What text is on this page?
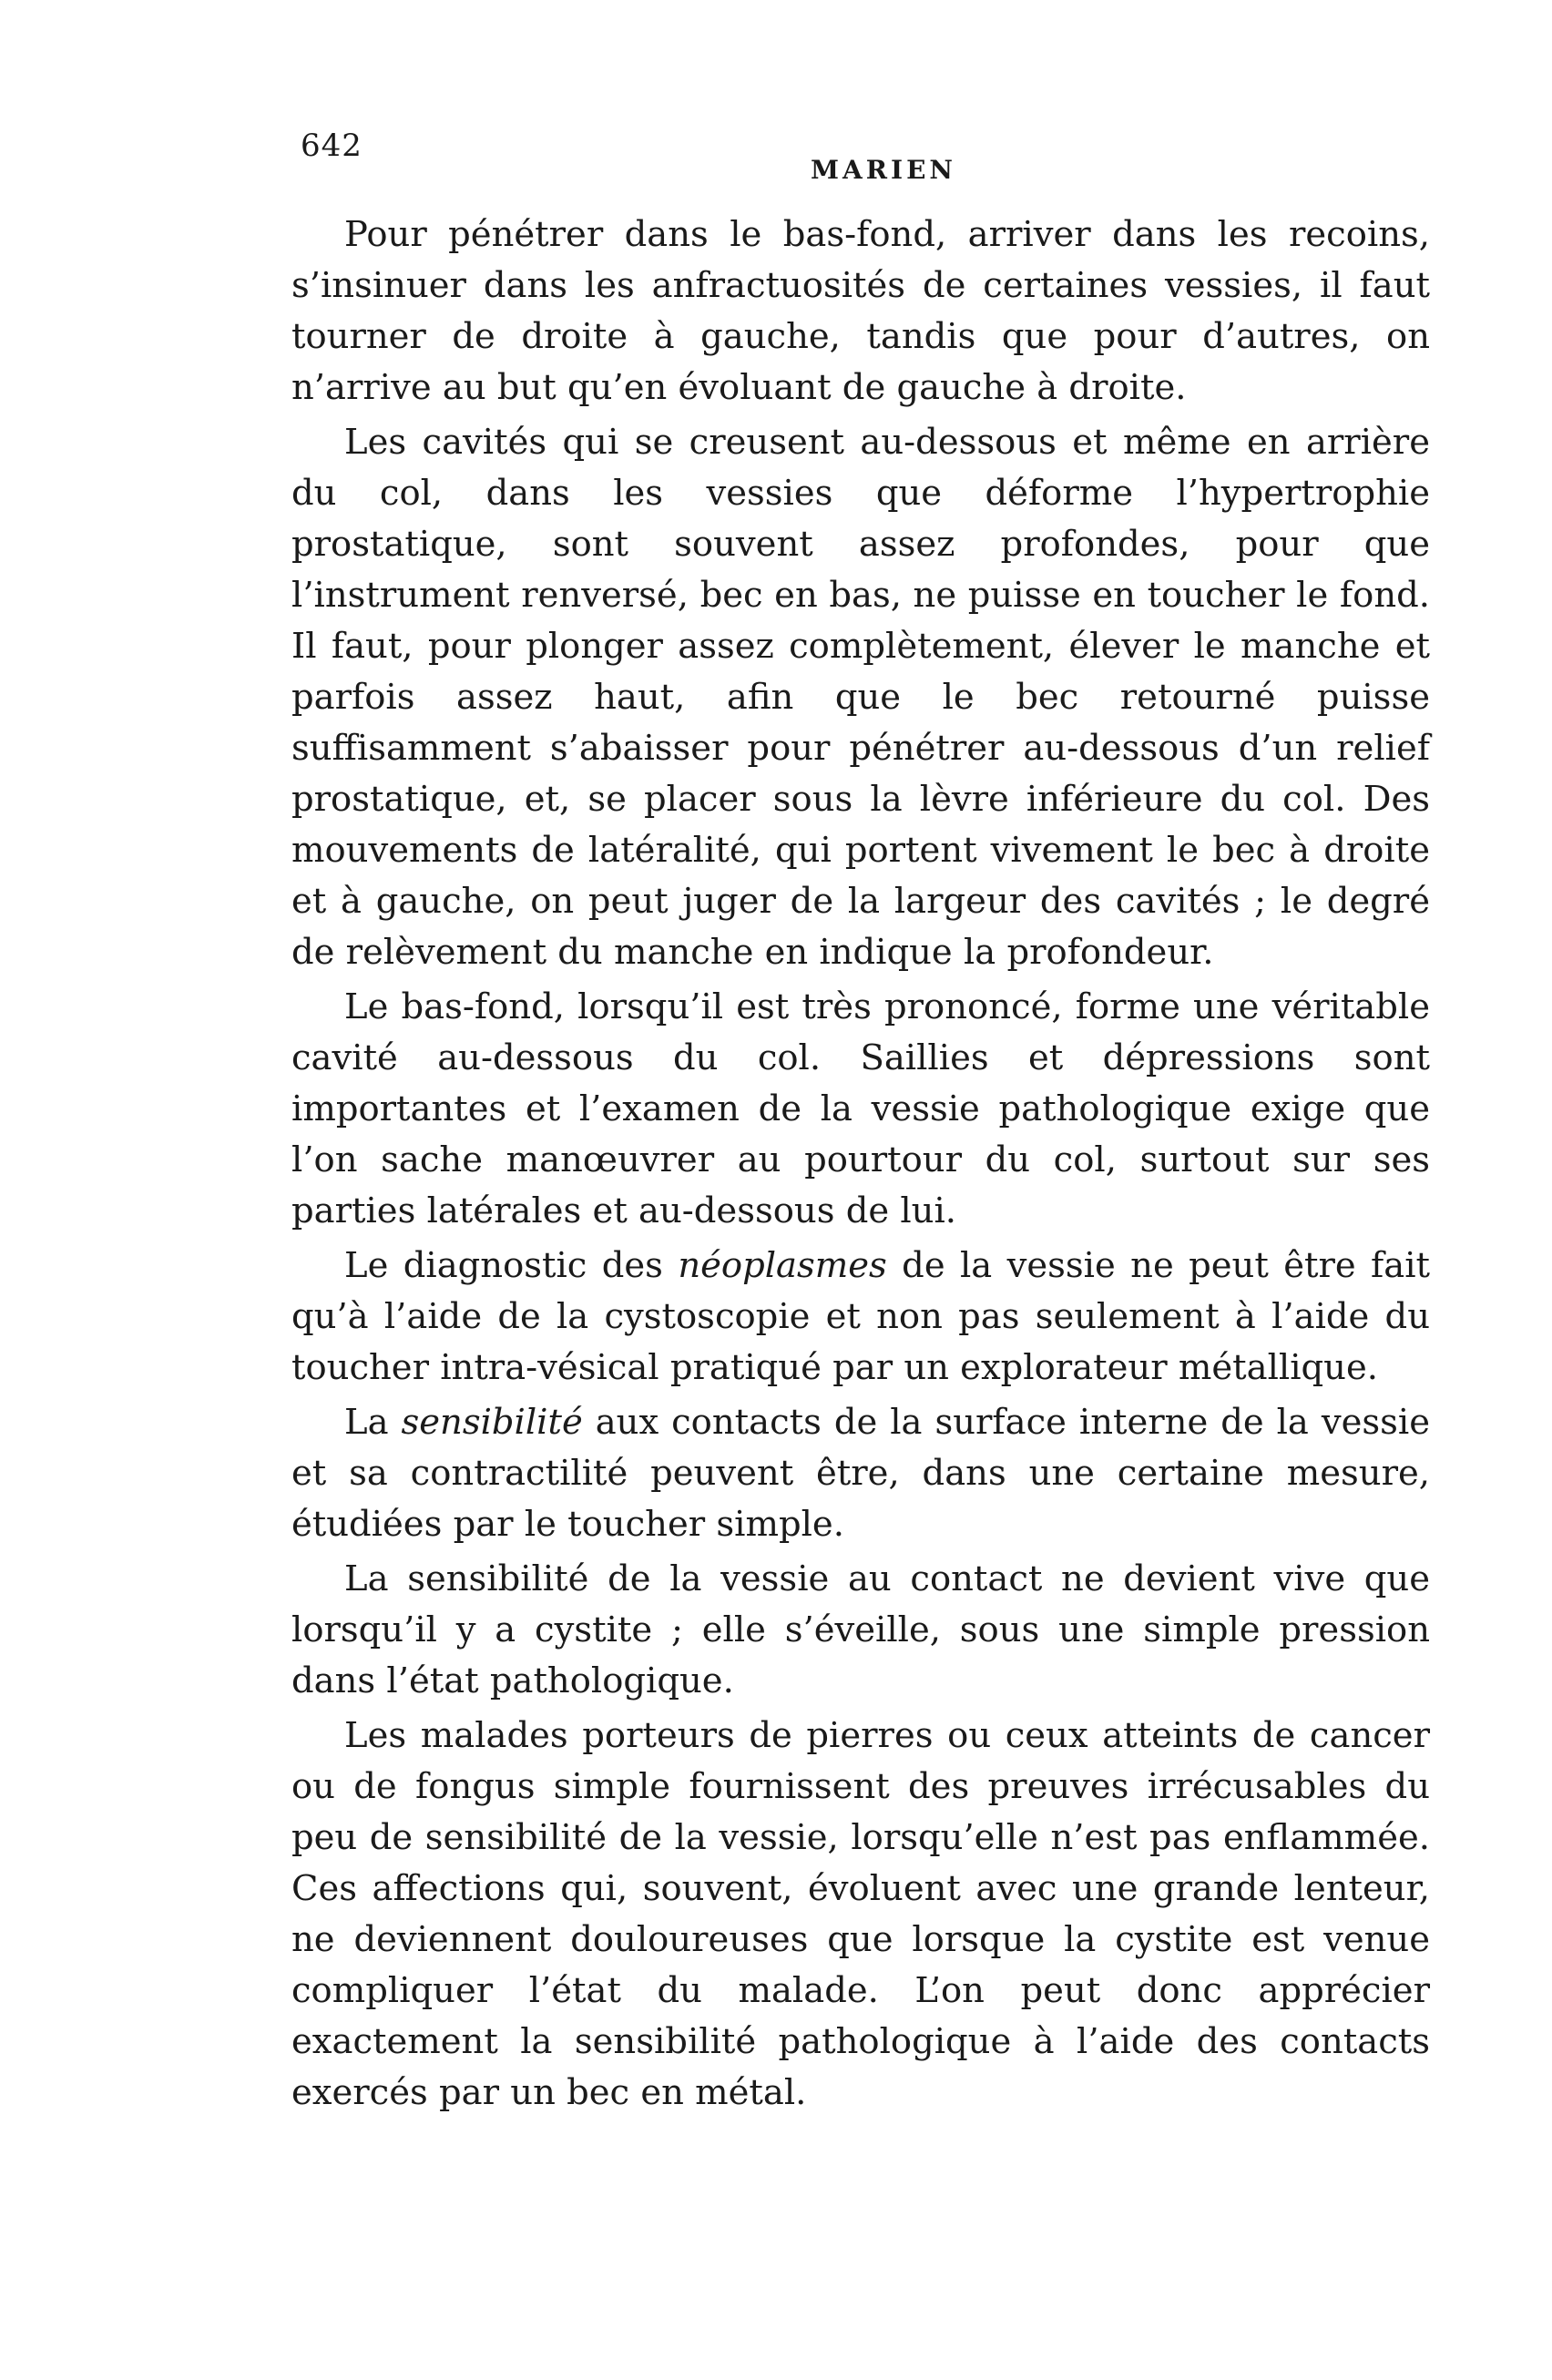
642
MARIEN

Pour pénétrer dans le bas-fond, arriver dans les recoins, s’insinuer dans les anfractuosités de certaines vessies, il faut tourner de droite à gauche, tandis que pour d’autres, on n’arrive au but qu’en évoluant de gauche à droite.

Les cavités qui se creusent au-dessous et même en arrière du col, dans les vessies que déforme l’hypertrophie prostatique, sont souvent assez profondes, pour que l’instrument renversé, bec en bas, ne puisse en toucher le fond. Il faut, pour plonger assez complètement, élever le manche et parfois assez haut, afin que le bec retourné puisse suffisamment s’abaisser pour pénétrer au-dessous d’un relief prostatique, et, se placer sous la lèvre inférieure du col. Des mouvements de latéralité, qui portent vivement le bec à droite et à gauche, on peut juger de la largeur des cavités ; le degré de relèvement du manche en indique la profondeur.

Le bas-fond, lorsqu’il est très prononcé, forme une véritable cavité au-dessous du col. Saillies et dépressions sont importantes et l’examen de la vessie pathologique exige que l’on sache manœuvrer au pourtour du col, surtout sur ses parties latérales et au-dessous de lui.

Le diagnostic des néoplasmes de la vessie ne peut être fait qu’à l’aide de la cystoscopie et non pas seulement à l’aide du toucher intra-vésical pratiqué par un explorateur métallique.

La sensibilité aux contacts de la surface interne de la vessie et sa contractilité peuvent être, dans une certaine mesure, étudiées par le toucher simple.

La sensibilité de la vessie au contact ne devient vive que lorsqu’il y a cystite ; elle s’éveille, sous une simple pression dans l’état pathologique.

Les malades porteurs de pierres ou ceux atteints de cancer ou de fongus simple fournissent des preuves irrécusables du peu de sensibilité de la vessie, lorsqu’elle n’est pas enflammée. Ces affections qui, souvent, évoluent avec une grande lenteur, ne deviennent douloureuses que lorsque la cystite est venue compliquer l’état du malade. L’on peut donc apprécier exactement la sensibilité pathologique à l’aide des contacts exercés par un bec en métal.
